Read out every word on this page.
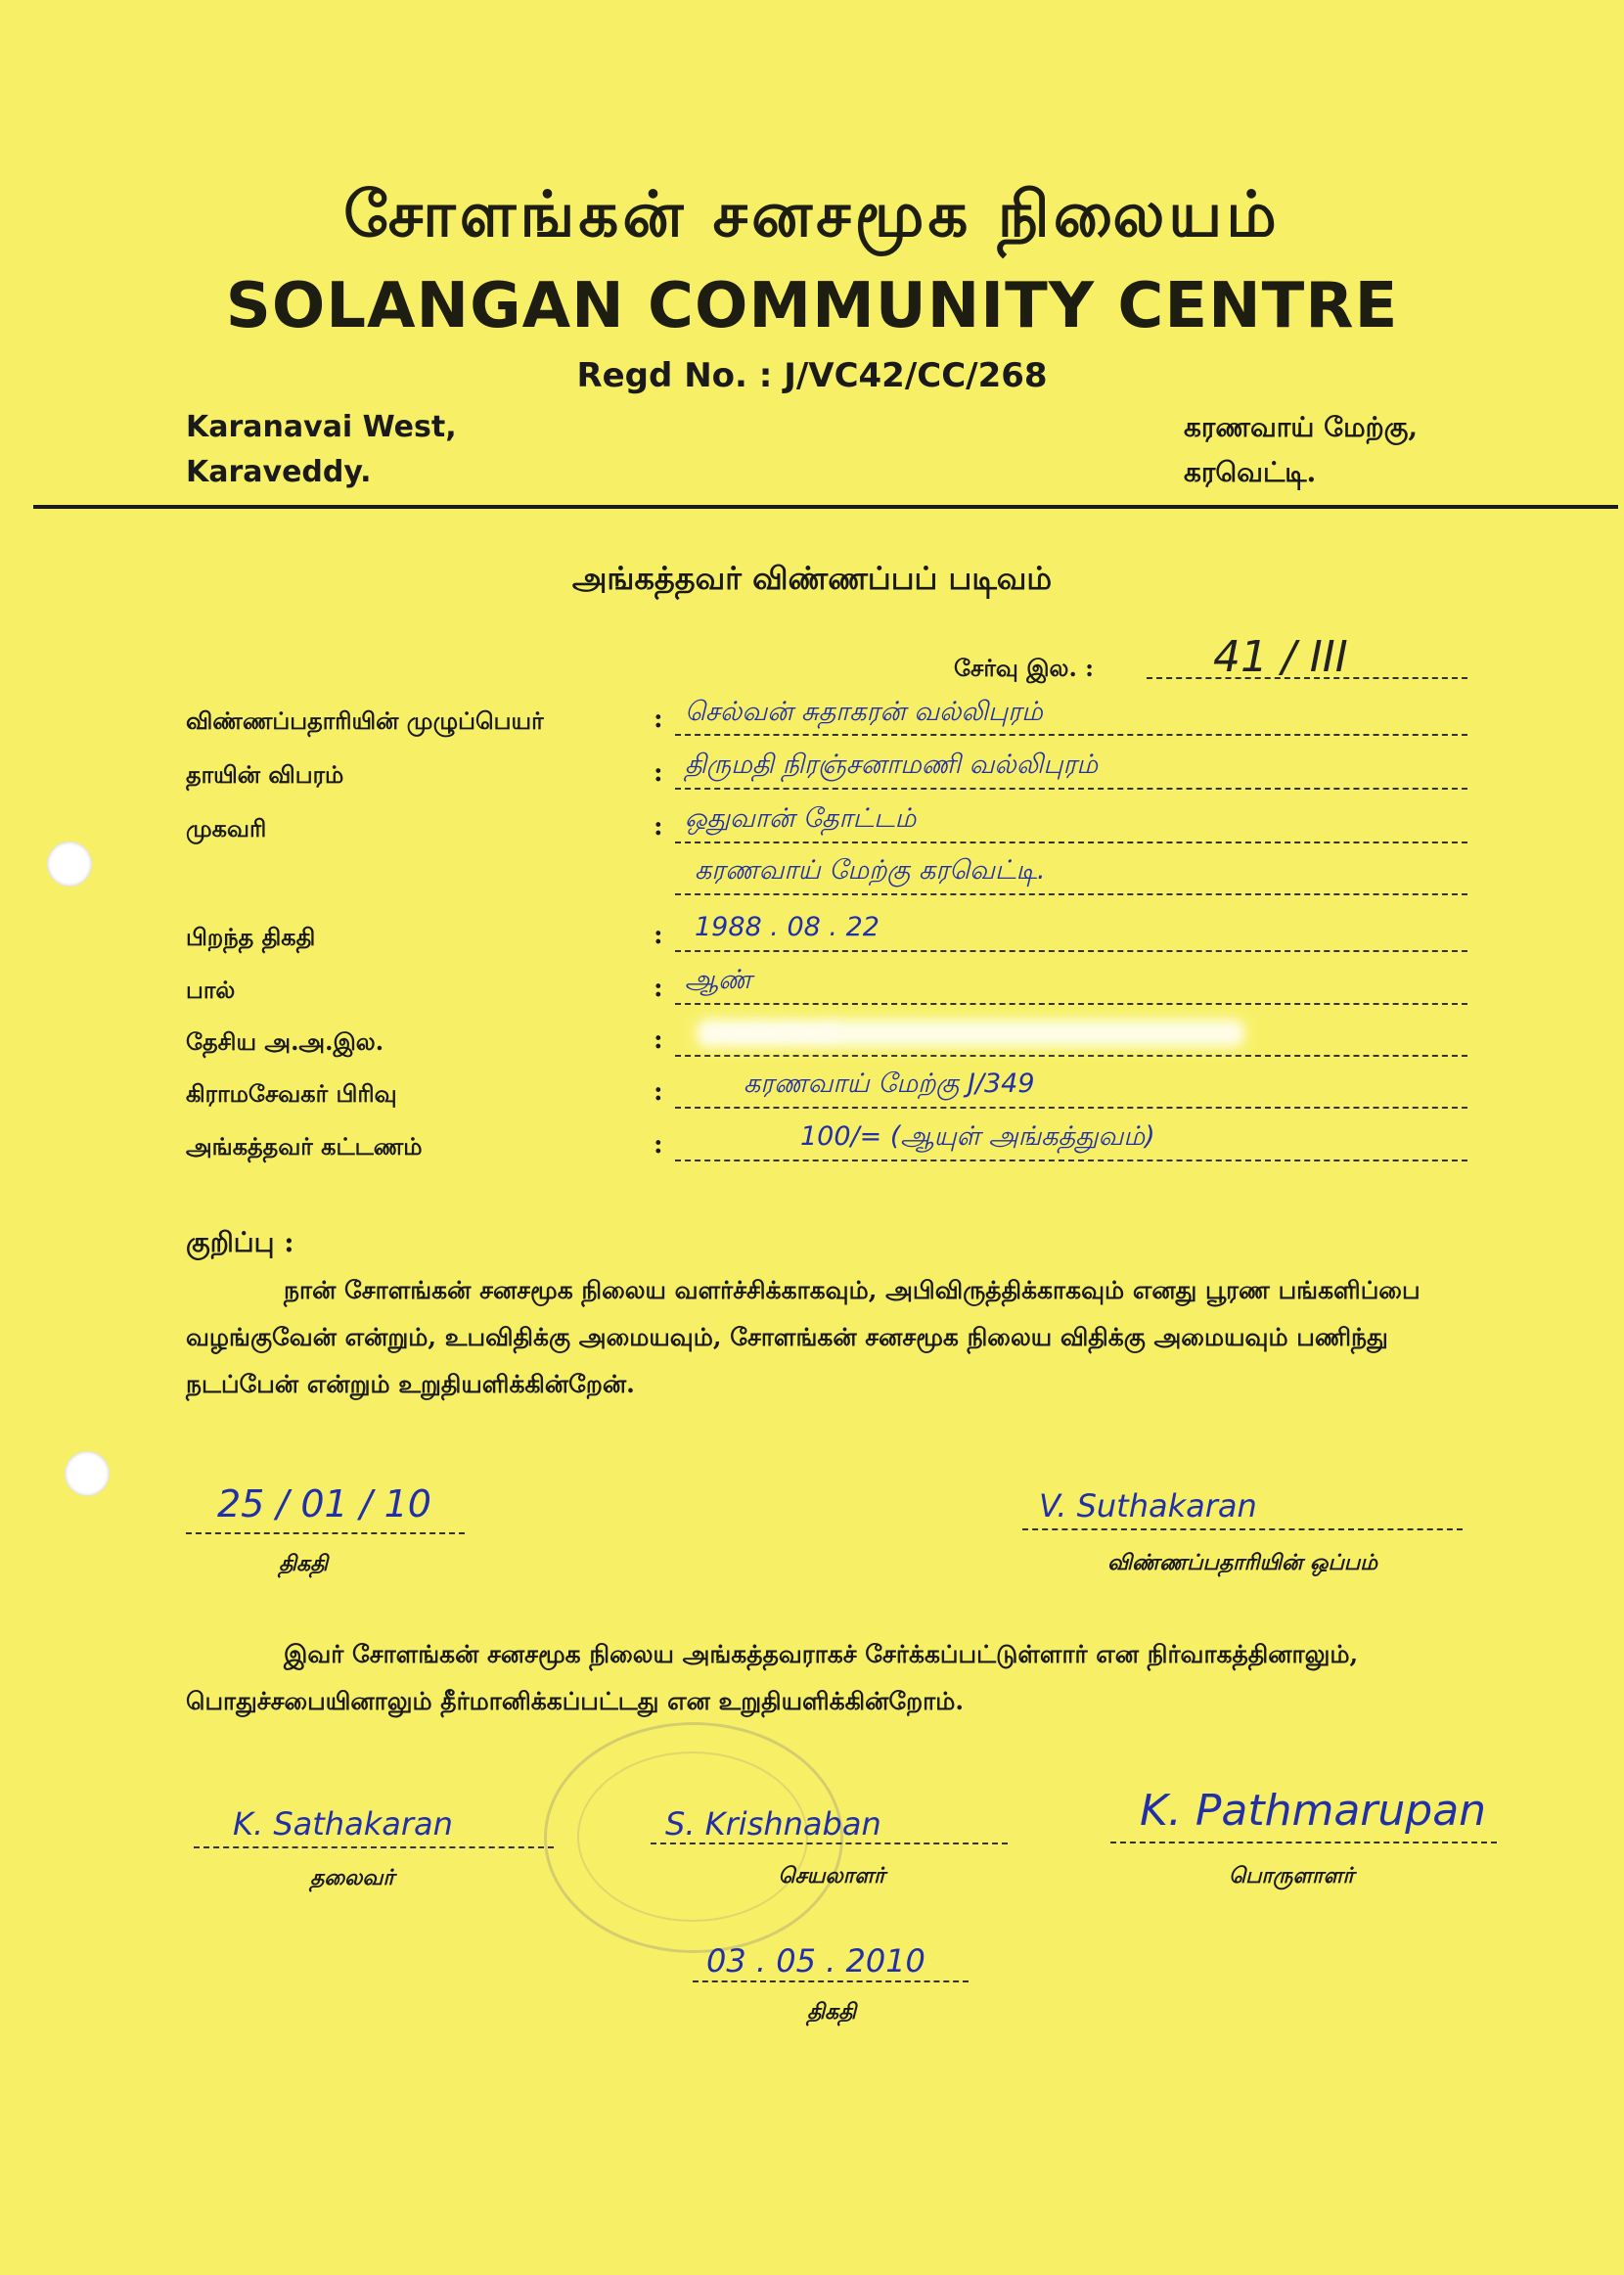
சோளங்கன் சனசமூக நிலையம்
SOLANGAN COMMUNITY CENTRE
Regd No. : J/VC42/CC/268
Karanavai West,
Karaveddy.
கரணவாய் மேற்கு,
கரவெட்டி.
அங்கத்தவர் விண்ணப்பப் படிவம்
சேர்வு இல. :	41 / III
விண்ணப்பதாரியின் முழுப்பெயர்	: செல்வன் சுதாகரன் வல்லிபுரம்
தாயின் விபரம்	: திருமதி நிரஞ்சனாமணி வல்லிபுரம்
முகவரி	: ஒதுவான் தோட்டம்
கரணவாய் மேற்கு கரவெட்டி.
பிறந்த திகதி	: 1988 . 08 . 22
பால்	: ஆண்
தேசிய அ.அ.இல.	: [redacted]
கிராமசேவகர் பிரிவு	:	கரணவாய் மேற்கு J/349
அங்கத்தவர் கட்டணம்	:	100/= (ஆயுள் அங்கத்துவம்)
குறிப்பு :
நான் சோளங்கன் சனசமூக நிலைய வளர்ச்சிக்காகவும், அபிவிருத்திக்காகவும் எனது பூரண பங்களிப்பை வழங்குவேன் என்றும், உபவிதிக்கு அமையவும், சோளங்கன் சனசமூக நிலைய விதிக்கு அமையவும் பணிந்து நடப்பேன் என்றும் உறுதியளிக்கின்றேன்.
25 / 01 / 10
திகதி
V. Suthakaran
விண்ணப்பதாரியின் ஒப்பம்
இவர் சோளங்கன் சனசமூக நிலைய அங்கத்தவராகச் சேர்க்கப்பட்டுள்ளார் என நிர்வாகத்தினாலும், பொதுச்சபையினாலும் தீர்மானிக்கப்பட்டது என உறுதியளிக்கின்றோம்.
K. Sathakaran
தலைவர்
S. Krishnaban
செயலாளர்
K. Pathmarupan
பொருளாளர்
03 . 05 . 2010
திகதி
